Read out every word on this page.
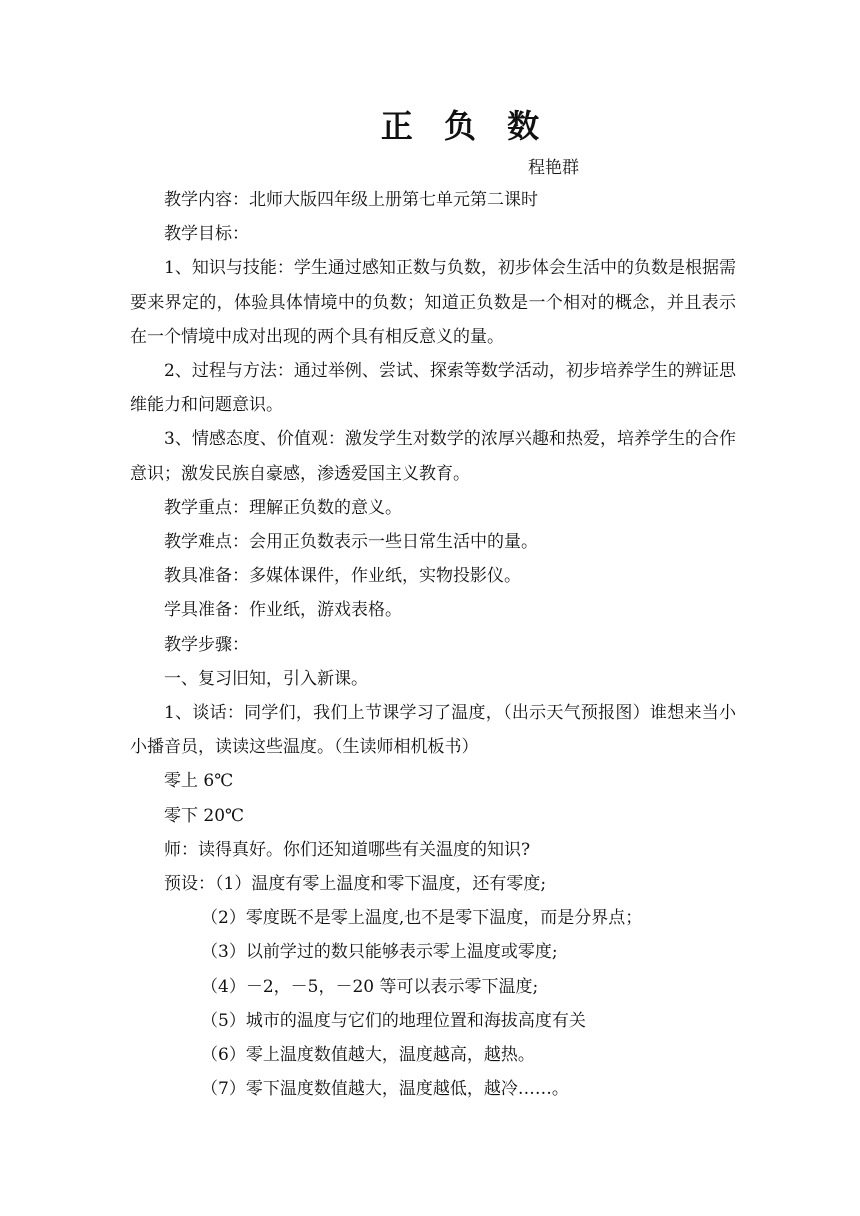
正 负 数
程艳群

教学内容：北师大版四年级上册第七单元第二课时

教学目标：

1、知识与技能：学生通过感知正数与负数，初步体会生活中的负数是根据需要来界定的，体验具体情境中的负数；知道正负数是一个相对的概念，并且表示在一个情境中成对出现的两个具有相反意义的量。

2、过程与方法：通过举例、尝试、探索等数学活动，初步培养学生的辨证思维能力和问题意识。

3、情感态度、价值观：激发学生对数学的浓厚兴趣和热爱，培养学生的合作意识；激发民族自豪感，渗透爱国主义教育。

教学重点：理解正负数的意义。

教学难点：会用正负数表示一些日常生活中的量。

教具准备：多媒体课件，作业纸，实物投影仪。

学具准备：作业纸，游戏表格。

教学步骤：

一、复习旧知，引入新课。

1、谈话：同学们，我们上节课学习了温度，（出示天气预报图）谁想来当小小播音员，读读这些温度。（生读师相机板书）

零上 6℃

零下 20℃

师：读得真好。你们还知道哪些有关温度的知识?

预设：（1）温度有零上温度和零下温度，还有零度;

（2）零度既不是零上温度,也不是零下温度，而是分界点；

（3）以前学过的数只能够表示零上温度或零度;

（4）－2，－5，－20 等可以表示零下温度;

（5）城市的温度与它们的地理位置和海拔高度有关

（6）零上温度数值越大，温度越高，越热。

（7）零下温度数值越大，温度越低，越冷……。
